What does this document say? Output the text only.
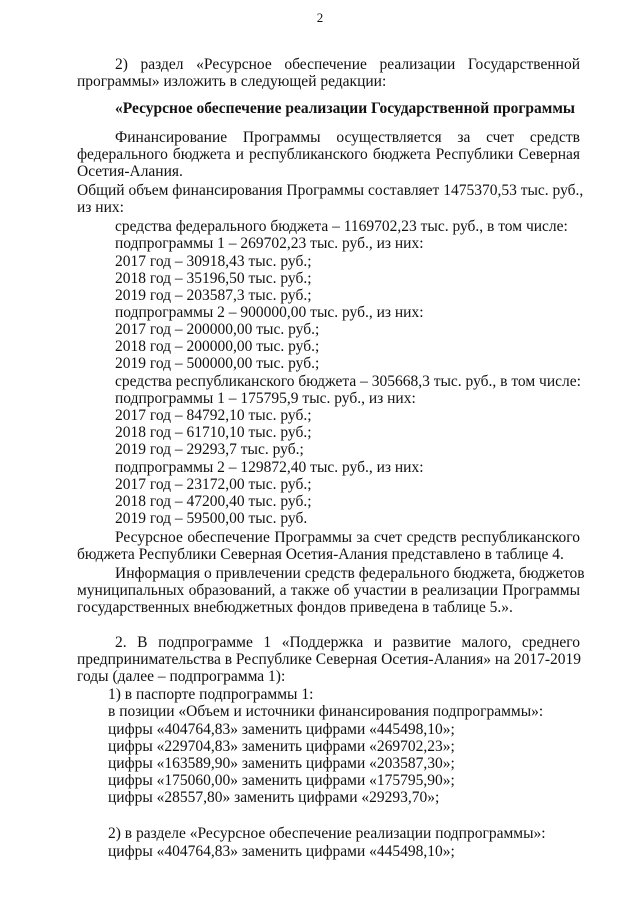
2
2) раздел «Ресурсное обеспечение реализации Государственной
программы» изложить в следующей редакции:
«Ресурсное обеспечение реализации Государственной программы
Финансирование Программы осуществляется за счет средств
федерального бюджета и республиканского бюджета Республики Северная
Осетия-Алания.
Общий объем финансирования Программы составляет 1475370,53 тыс. руб.,
из них:
средства федерального бюджета – 1169702,23 тыс. руб., в том числе:
подпрограммы 1 – 269702,23 тыс. руб., из них:
2017 год – 30918,43 тыс. руб.;
2018 год – 35196,50 тыс. руб.;
2019 год – 203587,3 тыс. руб.;
подпрограммы 2 – 900000,00 тыс. руб., из них:
2017 год – 200000,00 тыс. руб.;
2018 год – 200000,00 тыс. руб.;
2019 год – 500000,00 тыс. руб.;
средства республиканского бюджета – 305668,3 тыс. руб., в том числе:
подпрограммы 1 – 175795,9 тыс. руб., из них:
2017 год – 84792,10 тыс. руб.;
2018 год – 61710,10 тыс. руб.;
2019 год – 29293,7 тыс. руб.;
подпрограммы 2 – 129872,40 тыс. руб., из них:
2017 год – 23172,00 тыс. руб.;
2018 год – 47200,40 тыс. руб.;
2019 год – 59500,00 тыс. руб.
Ресурсное обеспечение Программы за счет средств республиканского
бюджета Республики Северная Осетия-Алания представлено в таблице 4.
Информация о привлечении средств федерального бюджета, бюджетов
муниципальных образований, а также об участии в реализации Программы
государственных внебюджетных фондов приведена в таблице 5.».
2. В подпрограмме 1 «Поддержка и развитие малого, среднего
предпринимательства в Республике Северная Осетия-Алания» на 2017-2019
годы (далее – подпрограмма 1):
1) в паспорте подпрограммы 1:
в позиции «Объем и источники финансирования подпрограммы»:
цифры «404764,83» заменить цифрами «445498,10»;
цифры «229704,83» заменить цифрами «269702,23»;
цифры «163589,90» заменить цифрами «203587,30»;
цифры «175060,00» заменить цифрами «175795,90»;
цифры «28557,80» заменить цифрами «29293,70»;
2) в разделе «Ресурсное обеспечение реализации подпрограммы»:
цифры «404764,83» заменить цифрами «445498,10»;
